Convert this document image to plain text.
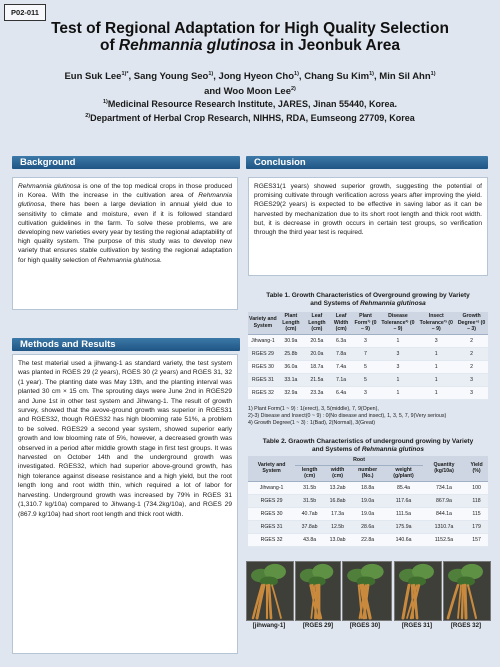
P02-011
Test of Regional Adaptation for High Quality Selection
of Rehmannia glutinosa in Jeonbuk Area
Eun Suk Lee$^{1)*}$, Sang Young Seo$^{1)}$, Jong Hyeon Cho$^{1)}$, Chang Su Kim$^{1)}$, Min Sil Ahn$^{1)}$
and Woo Moon Lee$^{2)}$
$^{1)}$Medicinal Resource Research Institute, JARES, Jinan 55440, Korea.
$^{2)}$Department of Herbal Crop Research, NIHHS, RDA, Eumseong 27709, Korea
Background
Rehmannia glutinosa is one of the top medical crops in those produced in Korea. With the increase in the cultivation area of Rehmannia glutinosa, there has been a large deviation in annual yield due to sensitivity to climate and moisture, even if it is followed standard cultivation guidelines in the farm. To solve these problems, we are developing new varieties every year by testing the regional adaptability of high quality system. The purpose of this study was to develop new variety that ensures stable cultivation by testing the regional adaptation for high quality selection of Rehmannia glutinosa.
Methods and Results
The test material used a jihwang-1 as standard variety, the test system was planted in RGES 29 (2 years), RGES 30 (2 years) and RGES 31, 32 (1 year). The planting date was May 13th, and the planting interval was planted 30 cm × 15 cm. The sprouting days were June 2nd in RGES29 and June 1st in other test system and Jihwang-1. The result of growth survey, showed that the avove-ground growth was superior in RGES31 and RGES32, though RGES32 has high blooming rate 51%, a problem to be solved. RGES29 a second year system, showed superior early growth and low blooming rate of 5%, however, a decreased growth was observed in a period after middle growth stage in first test groups. It was harvested on October 14th and the underground growth was investigated. RGES32, which had superior above-ground growth, has high tolerance against disease resistance and a high yield, but the root length long and root width thin, which required a lot of labor for harvesting. Underground growth was increased by 79% in RGES 31 (1,310.7 kg/10a) compared to Jihwang-1 (734.2kg/10a), and RGES 29 (867.9 kg/10a) had short root length and thick root width.
Conclusion
RGES31(1 years) showed superior growth, suggesting the potential of promising cultivate through verification across years after improving the yield. RGES29(2 years) is expected to be effective in saving labor as it can be harvested by mechanization due to its short root length and thick root width. but, it is decrease in growth occurs in certain test groups, so verification through the third year test is required.
Table 1. Growth Characteristics of Overground growing by Variety
and Systems of Rehmannia glutinosa
Variety and System	Plant Length (cm)	Leaf Length (cm)	Leaf Width (cm)	Plant Form¹⁾ (0 – 9)	Disease Tolerance²⁾ (0 – 9)	Insect Tolerance³⁾ (0 – 9)	Growth Degree⁴⁾ (0 – 3)
Jihwang-1	30.9a	20.5a	6.3a	3	1	3	2
RGES 29	25.8b	20.0a	7.8a	7	3	1	2
RGES 30	36.0a	18.7a	7.4a	5	3	1	2
RGES 31	33.1a	21.5a	7.1a	5	1	1	3
RGES 32	32.9a	23.3a	6.4a	3	1	1	3
1) Plant Form(1 ~ 9) : 1(erect), 3, 5(middle), 7, 9(Open),
2)-3) Disease and Insect(0 ~ 9) : 0(No disease and insect), 1, 3, 5, 7, 9(Very serious)
4) Growth Degree(1 ~ 3) : 1(Bad), 2(Normal), 3(Great)
Table 2. Graowth Characteristics of underground growing by Variety
and Systems of Rehmannia glutinos
Variety and System	Root				Quantity (kg/10a)	Yield (%)
	length (cm)	width (cm)	number (No.)	weight (g/plant)		
Jihwang-1	31.5b	13.2ab	18.8a	85.4a	734.1a	100
RGES 29	31.5b	16.8ab	19.0a	117.6a	867.9a	118
RGES 30	40.7ab	17.3a	19.0a	111.5a	844.1a	115
RGES 31	37.8ab	12.5b	28.6a	175.9a	1310.7a	179
RGES 32	43.8a	13.0ab	22.8a	140.6a	1152.5a	157
[jihwang-1]	[RGES 29]	[RGES 30]	[RGES 31]	[RGES 32]
